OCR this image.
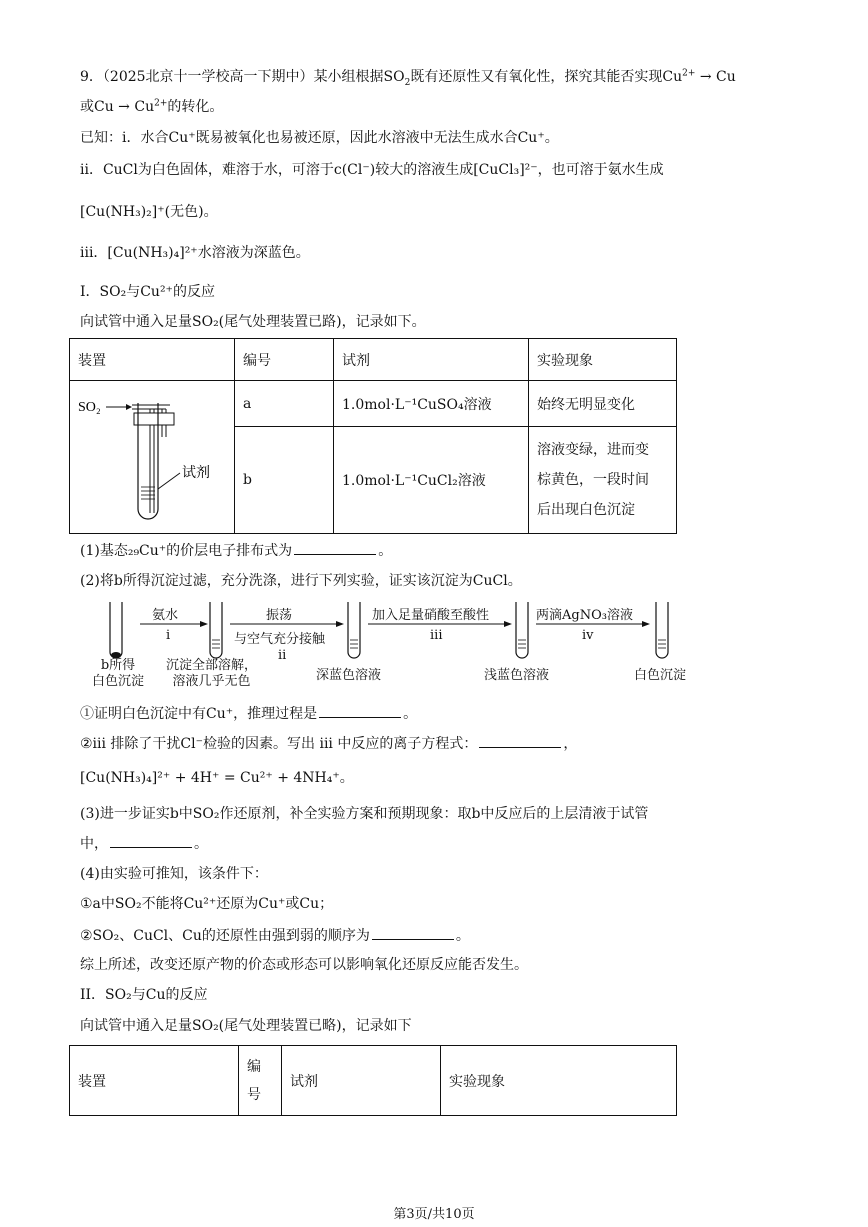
9．（2025北京十一学校高一下期中）某小组根据$SO_2$既有还原性又有氧化性，探究其能否实现$Cu^{2+} \to Cu$
或$Cu \to Cu^{2+}$的转化。
已知：i．水合Cu⁺既易被氧化也易被还原，因此水溶液中无法生成水合Cu⁺。
ii．CuCl为白色固体，难溶于水，可溶于c(Cl⁻)较大的溶液生成[CuCl₃]²⁻，也可溶于氨水生成
[Cu(NH₃)₂]⁺(无色)。
iii．[Cu(NH₃)₄]²⁺水溶液为深蓝色。
I．SO₂与Cu²⁺的反应
向试管中通入足量SO₂(尾气处理装置已路)，记录如下。
装置	编号	试剂	实验现象

SO₂
试剂	a	1.0mol·L⁻¹CuSO₄溶液	始终无明显变化
	b	1.0mol·L⁻¹CuCl₂溶液	溶液变绿，进而变
棕黄色，一段时间
后出现白色沉淀
(1)基态₂₉Cu⁺的价层电子排布式为	。
(2)将b所得沉淀过滤，充分洗涤，进行下列实验，证实该沉淀为CuCl。
氨水
i
振荡
与空气充分接触
ii
加入足量硝酸至酸性
iii
两滴AgNO₃溶液
iv
b所得
白色沉淀
沉淀全部溶解，
溶液几乎无色	深蓝色溶液	浅蓝色溶液	白色沉淀
①证明白色沉淀中有Cu⁺，推理过程是	。
②iii 排除了干扰Cl⁻检验的因素。写出 iii 中反应的离子方程式：	，
[Cu(NH₃)₄]²⁺ + 4H⁺ = Cu²⁺ + 4NH₄⁺。
(3)进一步证实b中SO₂作还原剂，补全实验方案和预期现象：取b中反应后的上层清液于试管
中，	。
(4)由实验可推知，该条件下：
①a中SO₂不能将Cu²⁺还原为Cu⁺或Cu；
②SO₂、CuCl、Cu的还原性由强到弱的顺序为	。
综上所述，改变还原产物的价态或形态可以影响氧化还原反应能否发生。
II．SO₂与Cu的反应
向试管中通入足量SO₂(尾气处理装置已略)，记录如下
装置	编
号	试剂	实验现象
第3页/共10页
